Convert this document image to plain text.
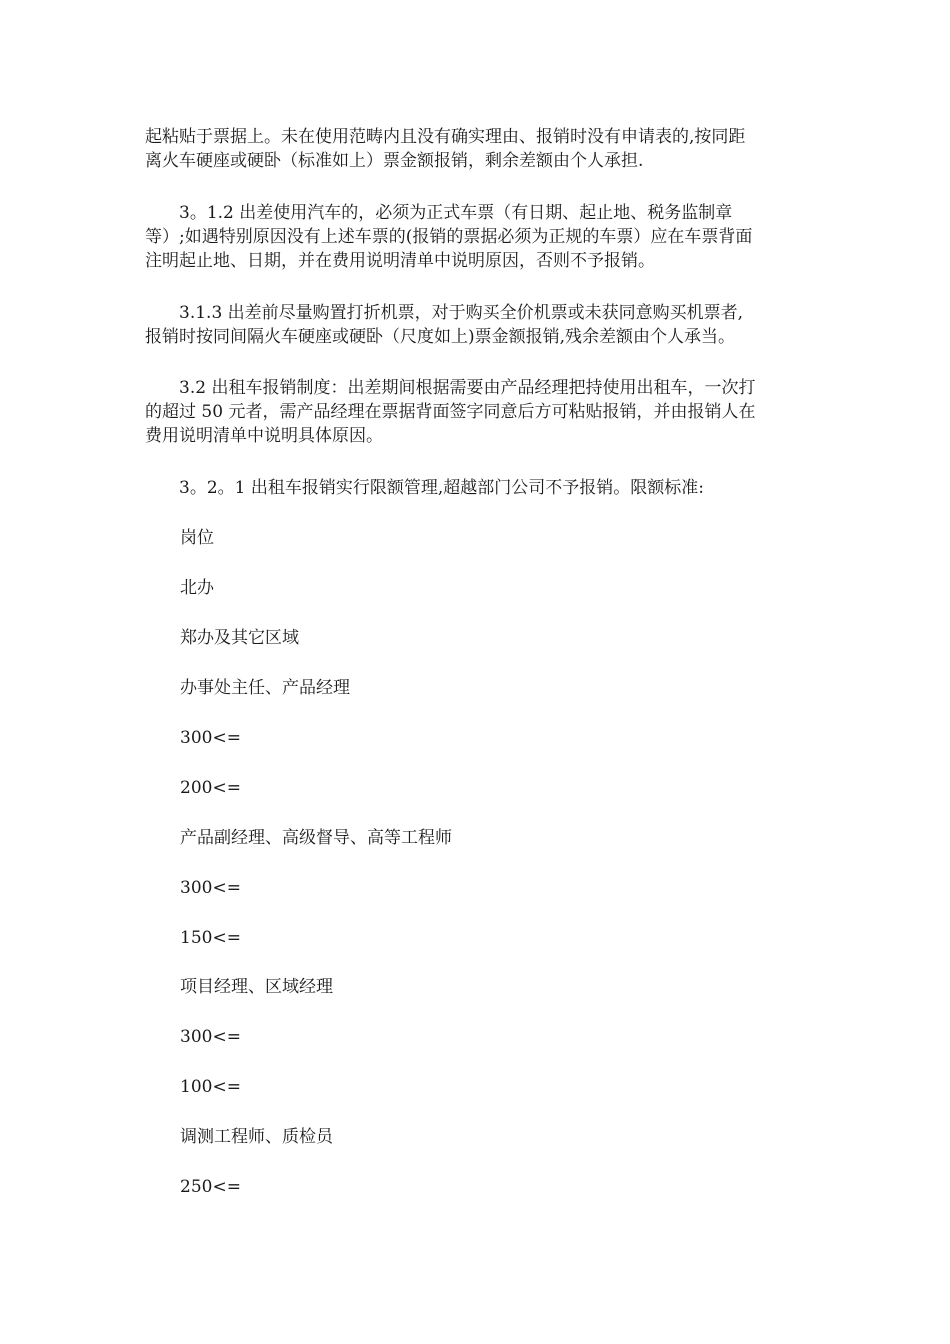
起粘贴于票据上。未在使用范畴内且没有确实理由、报销时没有申请表的,按同距
离火车硬座或硬卧（标准如上）票金额报销，剩余差额由个人承担.

　　3。1.2 出差使用汽车的，必须为正式车票（有日期、起止地、税务监制章
等）;如遇特别原因没有上述车票的(报销的票据必须为正规的车票）应在车票背面
注明起止地、日期，并在费用说明清单中说明原因，否则不予报销。

　　3.1.3 出差前尽量购置打折机票，对于购买全价机票或未获同意购买机票者,
报销时按同间隔火车硬座或硬卧（尺度如上)票金额报销,残余差额由个人承当。

　　3.2 出租车报销制度：出差期间根据需要由产品经理把持使用出租车，一次打
的超过 50 元者，需产品经理在票据背面签字同意后方可粘贴报销，并由报销人在
费用说明清单中说明具体原因。

　　3。2。1 出租车报销实行限额管理,超越部门公司不予报销。限额标准:

岗位

北办

郑办及其它区域

办事处主任、产品经理

300<=

200<=

产品副经理、高级督导、高等工程师

300<=

150<=

项目经理、区域经理

300<=

100<=

调测工程师、质检员

250<=
